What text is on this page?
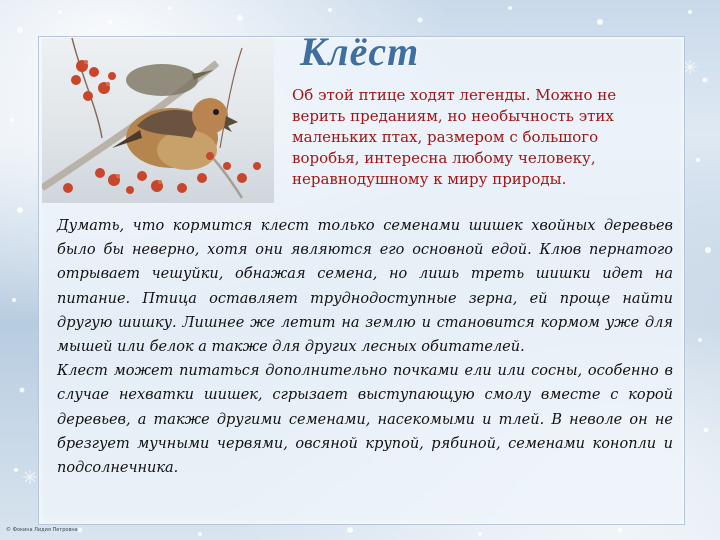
Клёст
Об этой птице ходят легенды. Можно не верить преданиям, но необычность этих маленьких птах, размером с большого воробья, интересна любому человеку, неравнодушному к миру природы.

Думать, что кормится клест только семенами шишек хвойных деревьев было бы неверно, хотя они являются его основной едой. Клюв пернатого отрывает чешуйки, обнажая семена, но лишь треть шишки идет на питание. Птица оставляет труднодоступные зерна, ей проще найти другую шишку. Лишнее же летит на землю и становится кормом уже для мышей или белок а также для других лесных обитателей.

Клест может питаться дополнительно почками ели или сосны, особенно в случае нехватки шишек, сгрызает выступающую смолу вместе с корой деревьев, а также другими семенами, насекомыми и тлей. В неволе он не брезгует мучными червями, овсяной крупой, рябиной, семенами конопли и подсолнечника.

© Фокина Лидия Петровна
